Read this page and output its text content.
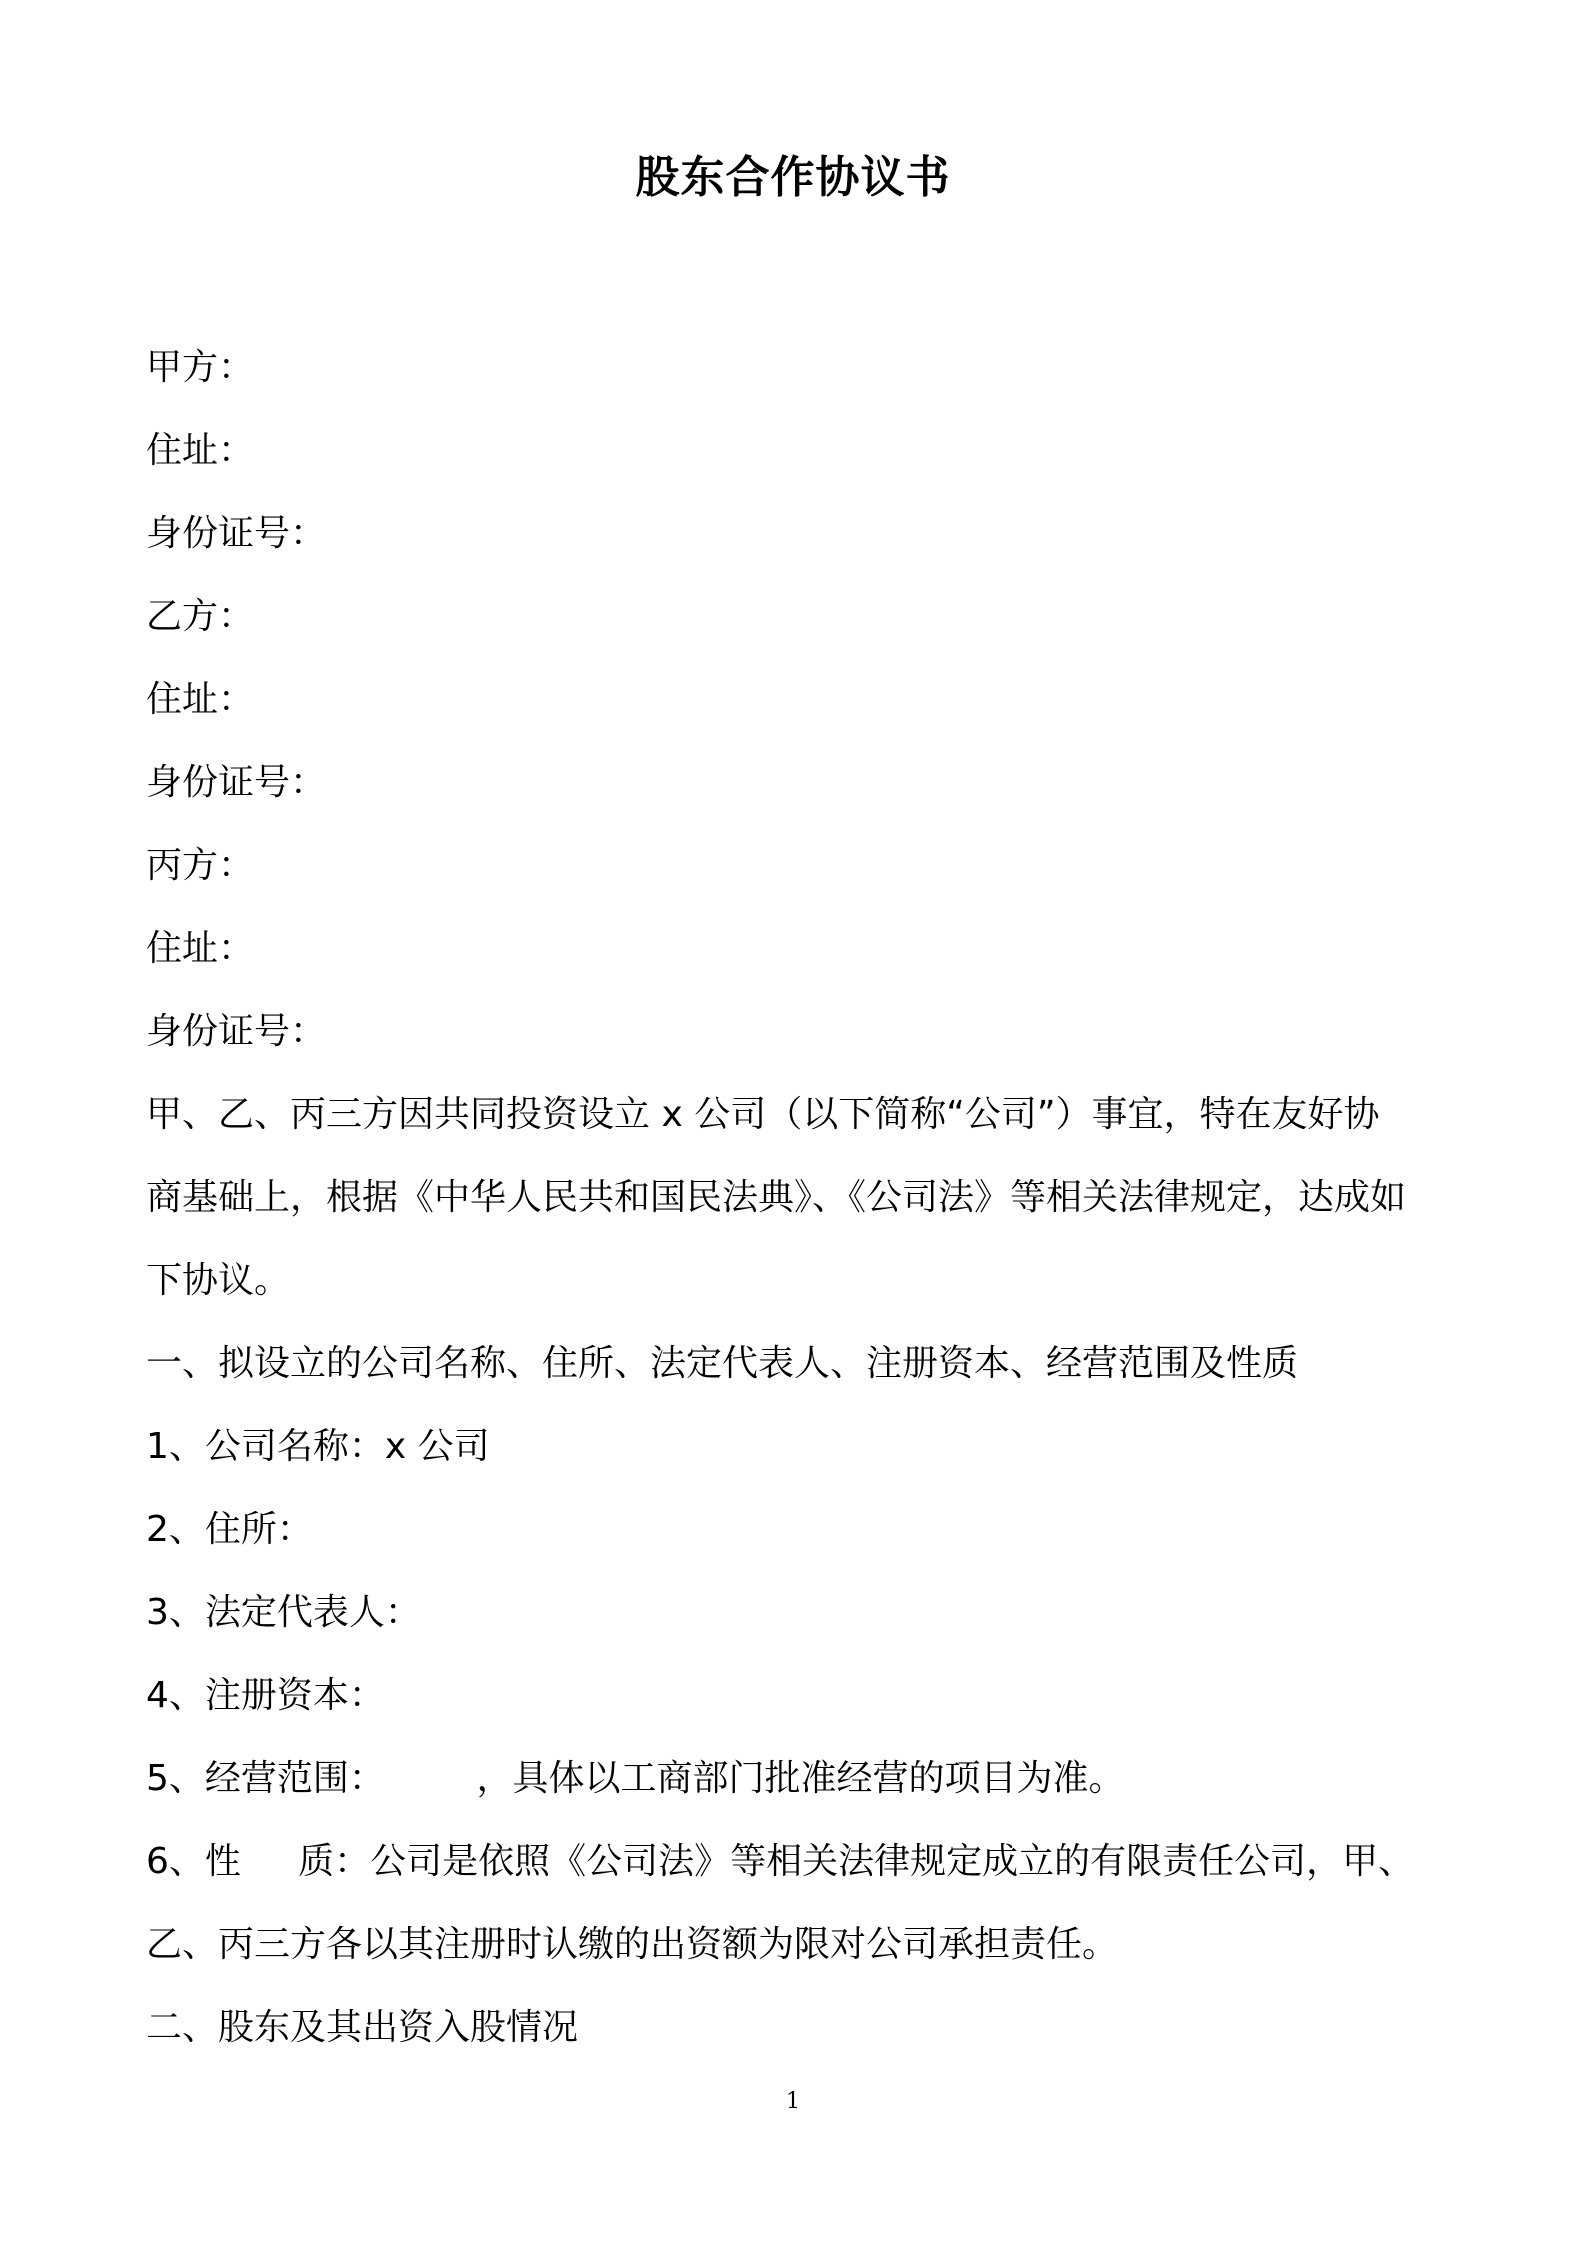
股东合作协议书

甲方：

住址：

身份证号：

乙方：

住址：

身份证号：

丙方：

住址：

身份证号：

甲、乙、丙三方因共同投资设立 x 公司（以下简称“公司”）事宜，特在友好协

商基础上，根据《中华人民共和国民法典》、《公司法》等相关法律规定，达成如

下协议。

一、拟设立的公司名称、住所、法定代表人、注册资本、经营范围及性质

1、公司名称：x 公司

2、住所：

3、法定代表人：

4、注册资本：

5、经营范围：        ，具体以工商部门批准经营的项目为准。

6、性     质：公司是依照《公司法》等相关法律规定成立的有限责任公司，甲、

乙、丙三方各以其注册时认缴的出资额为限对公司承担责任。

二、股东及其出资入股情况

1
